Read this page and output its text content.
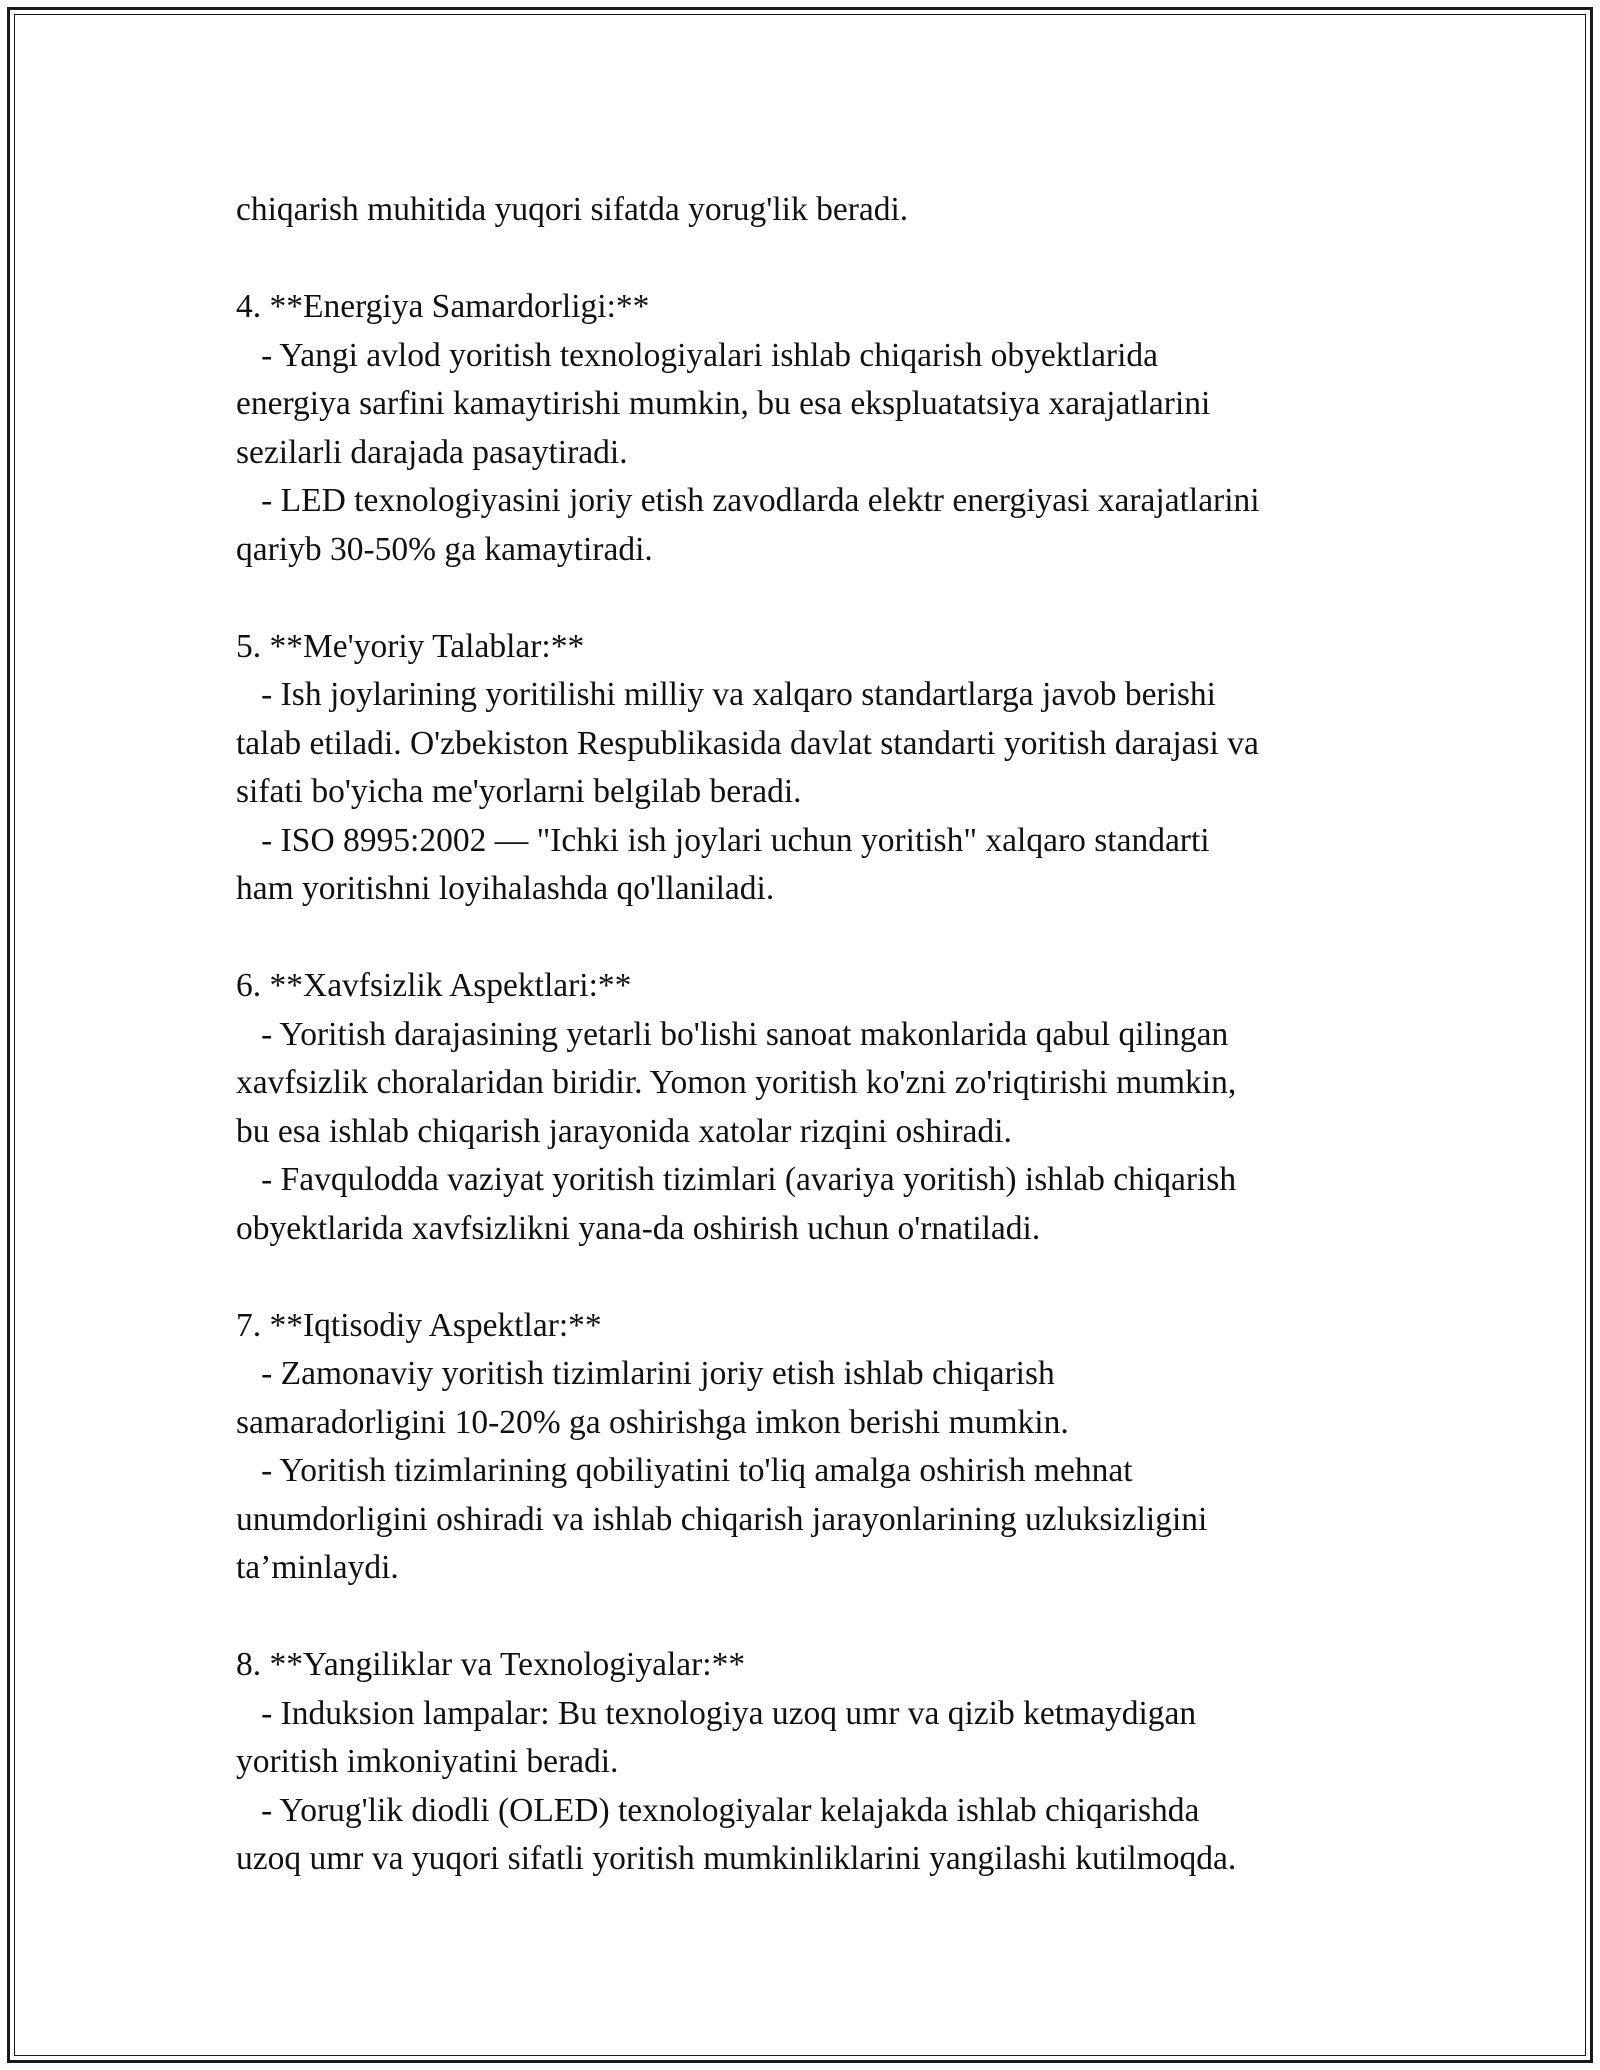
chiqarish muhitida yuqori sifatda yorug'lik beradi.
4. **Energiya Samardorligi:**
- Yangi avlod yoritish texnologiyalari ishlab chiqarish obyektlarida
energiya sarfini kamaytirishi mumkin, bu esa ekspluatatsiya xarajatlarini
sezilarli darajada pasaytiradi.
- LED texnologiyasini joriy etish zavodlarda elektr energiyasi xarajatlarini
qariyb 30-50% ga kamaytiradi.
5. **Me'yoriy Talablar:**
- Ish joylarining yoritilishi milliy va xalqaro standartlarga javob berishi
talab etiladi. O'zbekiston Respublikasida davlat standarti yoritish darajasi va
sifati bo'yicha me'yorlarni belgilab beradi.
- ISO 8995:2002 — "Ichki ish joylari uchun yoritish" xalqaro standarti
ham yoritishni loyihalashda qo'llaniladi.
6. **Xavfsizlik Aspektlari:**
- Yoritish darajasining yetarli bo'lishi sanoat makonlarida qabul qilingan
xavfsizlik choralaridan biridir. Yomon yoritish ko'zni zo'riqtirishi mumkin,
bu esa ishlab chiqarish jarayonida xatolar rizqini oshiradi.
- Favqulodda vaziyat yoritish tizimlari (avariya yoritish) ishlab chiqarish
obyektlarida xavfsizlikni yana-da oshirish uchun o'rnatiladi.
7. **Iqtisodiy Aspektlar:**
- Zamonaviy yoritish tizimlarini joriy etish ishlab chiqarish
samaradorligini 10-20% ga oshirishga imkon berishi mumkin.
- Yoritish tizimlarining qobiliyatini to'liq amalga oshirish mehnat
unumdorligini oshiradi va ishlab chiqarish jarayonlarining uzluksizligini
ta’minlaydi.
8. **Yangiliklar va Texnologiyalar:**
- Induksion lampalar: Bu texnologiya uzoq umr va qizib ketmaydigan
yoritish imkoniyatini beradi.
- Yorug'lik diodli (OLED) texnologiyalar kelajakda ishlab chiqarishda
uzoq umr va yuqori sifatli yoritish mumkinliklarini yangilashi kutilmoqda.
